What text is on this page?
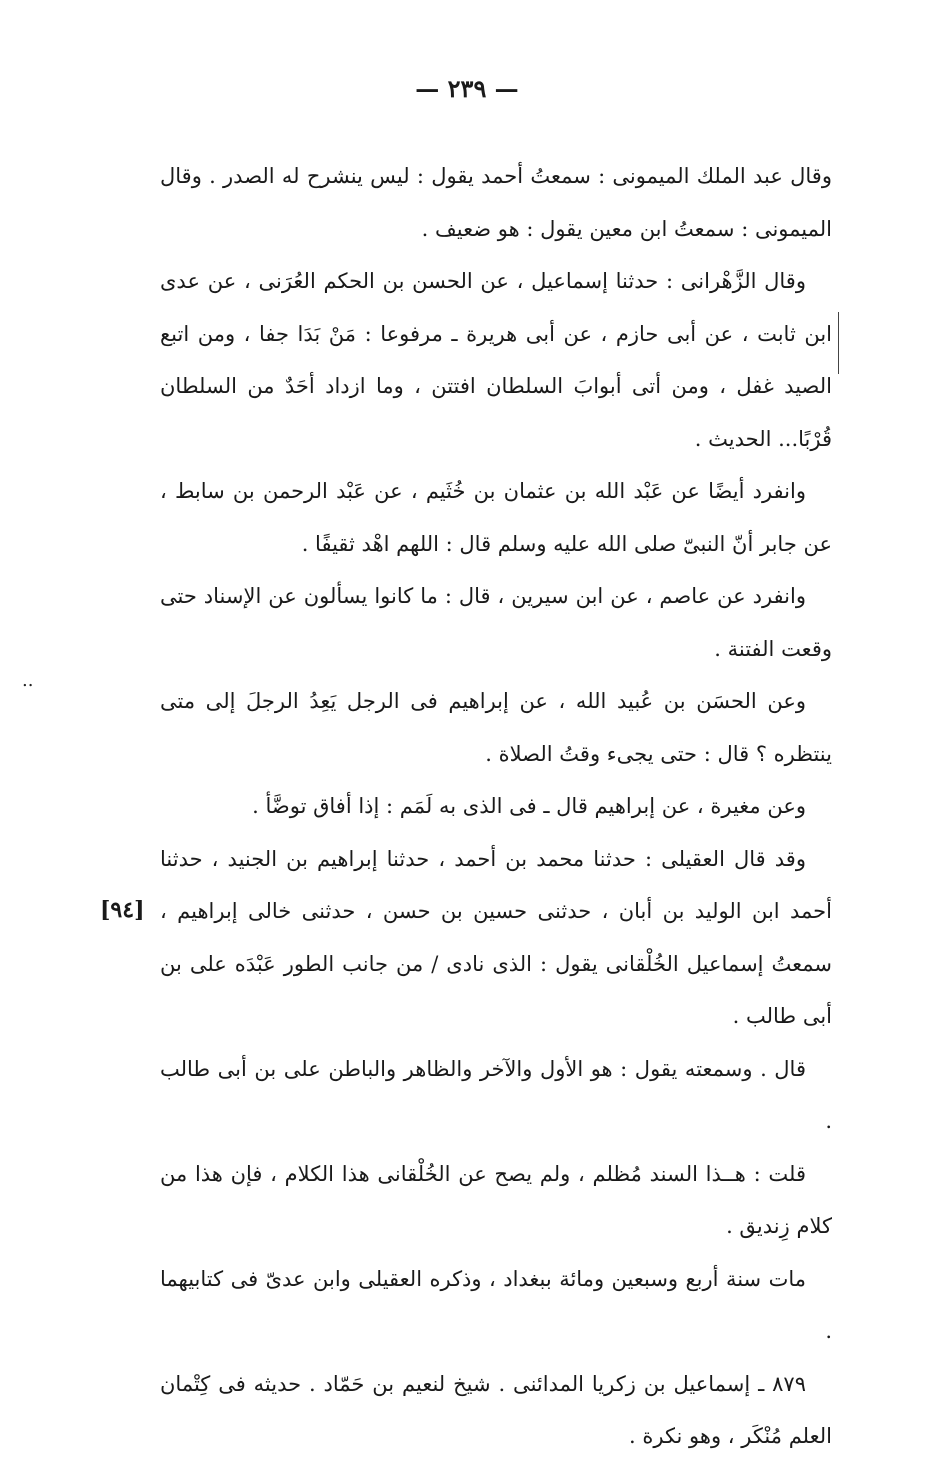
— ٢٣٩ —

وقال عبد الملك الميمونى : سمعتُ أحمد يقول : ليس ينشرح له الصدر . وقال الميمونى : سمعتُ ابن معين يقول : هو ضعيف .

وقال الزَّهْرانى : حدثنا إسماعيل ، عن الحسن بن الحكم العُرَنى ، عن عدى ابن ثابت ، عن أبى حازم ، عن أبى هريرة ـ مرفوعا : مَنْ بَدَا جفا ، ومن اتبع الصيد غفل ، ومن أتى أبوابَ السلطان افتتن ، وما ازداد أحَدٌ من السلطان قُرْبًا... الحديث .

وانفرد أيضًا عن عَبْد الله بن عثمان بن خُثَيم ، عن عَبْد الرحمن بن سابط ، عن جابر أنّ النبىّ صلى الله عليه وسلم قال : اللهم اهْد ثقيفًا .

وانفرد عن عاصم ، عن ابن سيرين ، قال : ما كانوا يسألون عن الإسناد حتى وقعت الفتنة .

وعن الحسَن بن عُبيد الله ، عن إبراهيم فى الرجل يَعِدُ الرجلَ إلى متى ينتظره ؟ قال : حتى يجىء وقتُ الصلاة .

وعن مغيرة ، عن إبراهيم قال ـ فى الذى به لَمَم : إذا أفاق توضَّأ .

وقد قال العقيلى : حدثنا محمد بن أحمد ، حدثنا إبراهيم بن الجنيد ، حدثنا أحمد ابن الوليد بن أبان ، حدثنى حسين بن حسن ، حدثنى خالى إبراهيم ، سمعتُ إسماعيل الخُلْقانى يقول : الذى نادى / من جانب الطور عَبْدَه على بن أبى طالب .

قال . وسمعته يقول : هو الأول والآخر والظاهر والباطن على بن أبى طالب .

قلت : هــذا السند مُظلم ، ولم يصح عن الخُلْقانى هذا الكلام ، فإن هذا من كلام زِنديق .

مات سنة أربع وسبعين ومائة ببغداد ، وذكره العقيلى وابن عدىّ فى كتابيهما .

٨٧٩ ـ إسماعيل بن زكريا المدائنى . شيخ لنعيم بن حَمّاد . حديثه فى كِتْمان العلم مُنْكَر ، وهو نكرة .

..
[٩٤]
